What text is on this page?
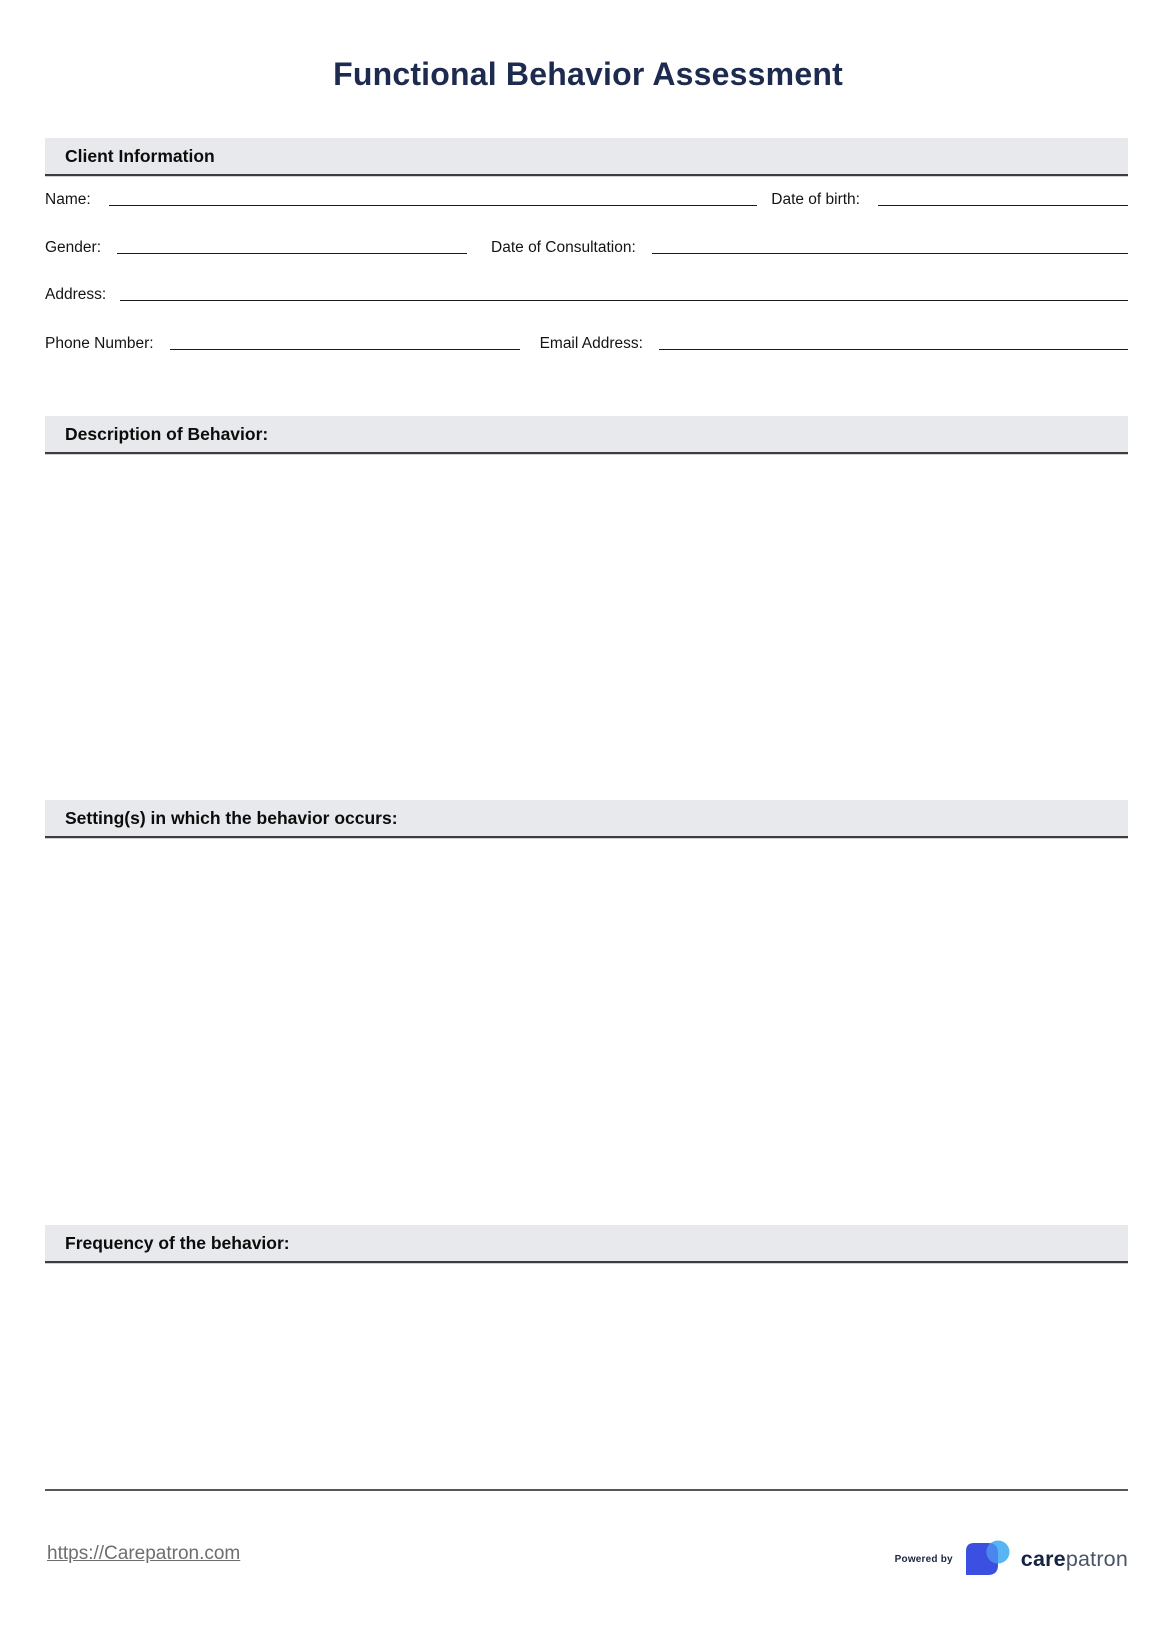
Functional Behavior Assessment
Client Information
Name:	Date of birth:
Gender:	Date of Consultation:
Address:
Phone Number:	Email Address:
Description of Behavior:
Setting(s) in which the behavior occurs:
Frequency of the behavior:
https://Carepatron.com	Powered by	carepatron
